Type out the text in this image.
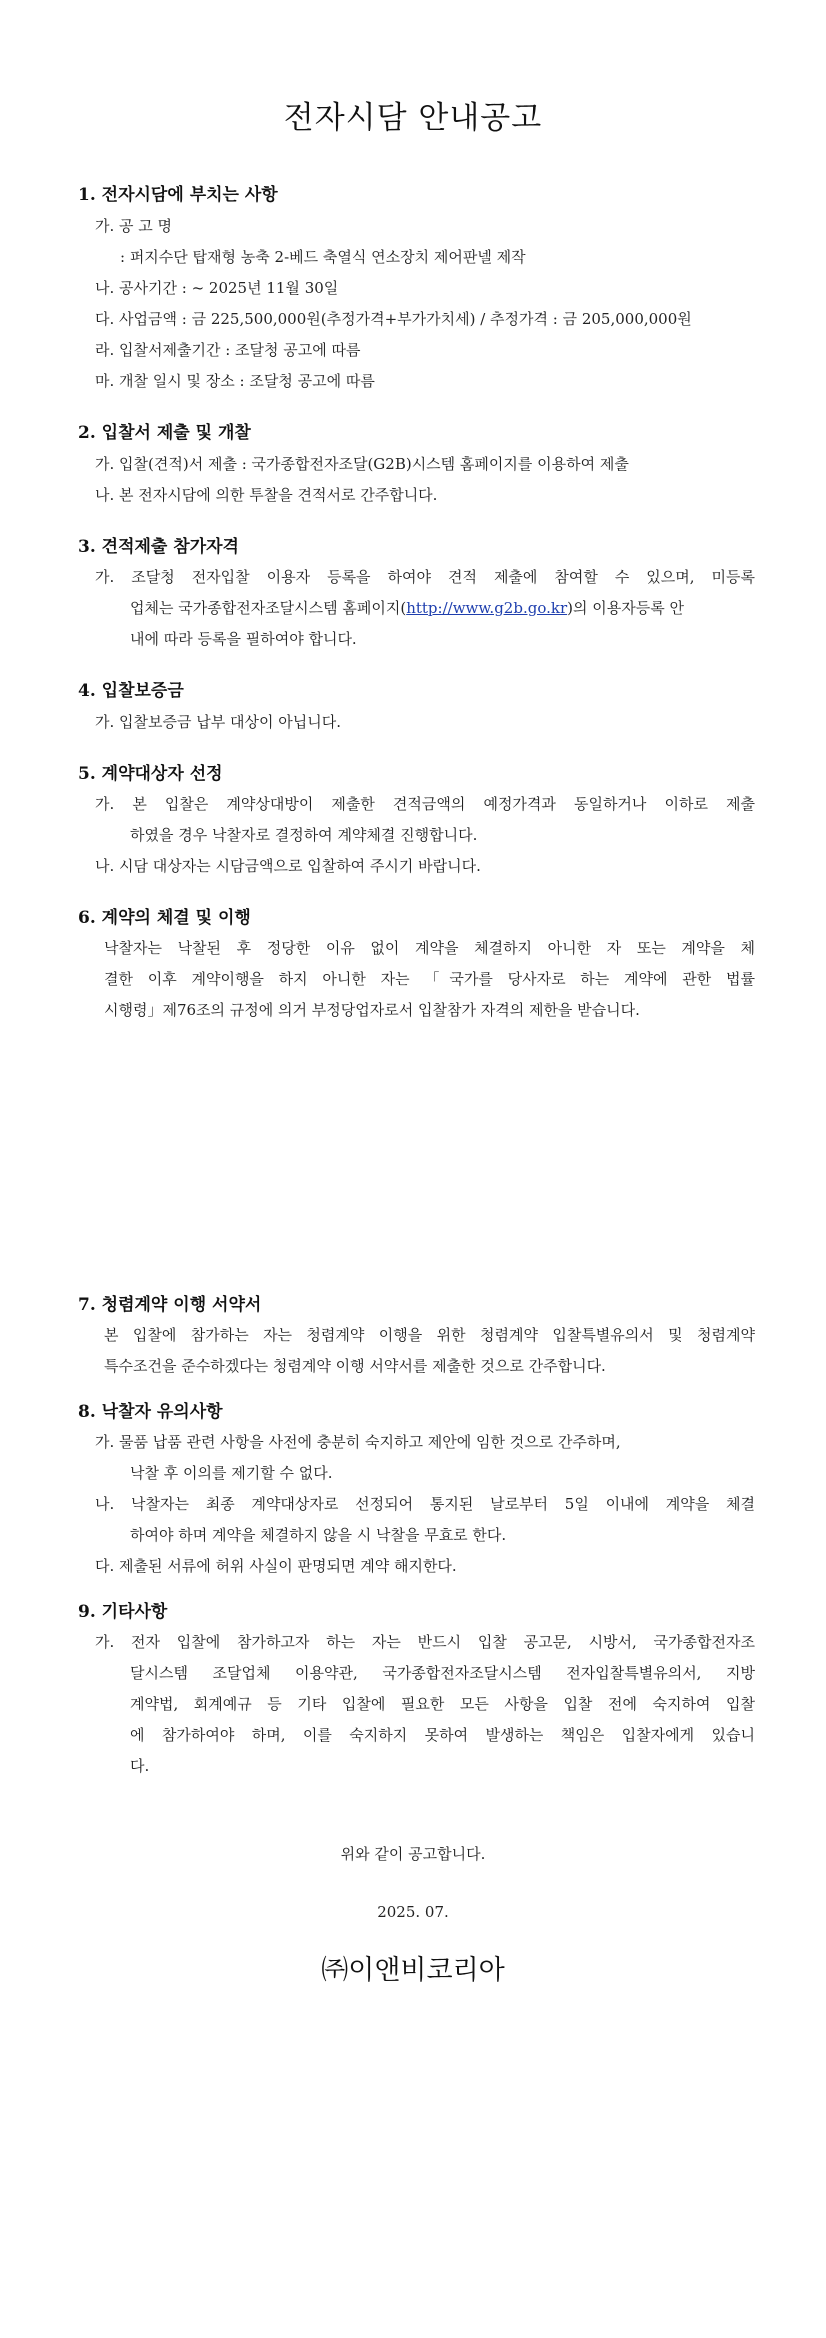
전자시담 안내공고
1. 전자시담에 부치는 사항
가. 공 고 명
: 퍼지수단 탑재형 농축 2-베드 축열식 연소장치 제어판넬 제작
나. 공사기간 : ~ 2025년 11월 30일
다. 사업금액 : 금 225,500,000원(추정가격+부가가치세) / 추정가격 : 금 205,000,000원
라. 입찰서제출기간 : 조달청 공고에 따름
마. 개찰 일시 및 장소 : 조달청 공고에 따름
2. 입찰서 제출 및 개찰
가. 입찰(견적)서 제출 : 국가종합전자조달(G2B)시스템 홈페이지를 이용하여 제출
나. 본 전자시담에 의한 투찰을 견적서로 간주합니다.
3. 견적제출 참가자격
가. 조달청 전자입찰 이용자 등록을 하여야 견적 제출에 참여할 수 있으며, 미등록
업체는 국가종합전자조달시스템 홈페이지(http://www.g2b.go.kr)의 이용자등록 안
내에 따라 등록을 필하여야 합니다.
4. 입찰보증금
가. 입찰보증금 납부 대상이 아닙니다.
5. 계약대상자 선정
가. 본 입찰은 계약상대방이 제출한 견적금액의 예정가격과 동일하거나 이하로 제출
하였을 경우 낙찰자로 결정하여 계약체결 진행합니다.
나. 시담 대상자는 시담금액으로 입찰하여 주시기 바랍니다.
6. 계약의 체결 및 이행
낙찰자는 낙찰된 후 정당한 이유 없이 계약을 체결하지 아니한 자 또는 계약을 체
결한 이후 계약이행을 하지 아니한 자는 「국가를 당사자로 하는 계약에 관한 법률
시행령」제76조의 규정에 의거 부정당업자로서 입찰참가 자격의 제한을 받습니다.
7. 청렴계약 이행 서약서
본 입찰에 참가하는 자는 청렴계약 이행을 위한 청렴계약 입찰특별유의서 및 청렴계약
특수조건을 준수하겠다는 청렴계약 이행 서약서를 제출한 것으로 간주합니다.
8. 낙찰자 유의사항
가. 물품 납품 관련 사항을 사전에 충분히 숙지하고 제안에 임한 것으로 간주하며,
낙찰 후 이의를 제기할 수 없다.
나. 낙찰자는 최종 계약대상자로 선정되어 통지된 날로부터 5일 이내에 계약을 체결
하여야 하며 계약을 체결하지 않을 시 낙찰을 무효로 한다.
다. 제출된 서류에 허위 사실이 판명되면 계약 해지한다.
9. 기타사항
가. 전자 입찰에 참가하고자 하는 자는 반드시 입찰 공고문, 시방서, 국가종합전자조
달시스템 조달업체 이용약관, 국가종합전자조달시스템 전자입찰특별유의서, 지방
계약법, 회계예규 등 기타 입찰에 필요한 모든 사항을 입찰 전에 숙지하여 입찰
에 참가하여야 하며, 이를 숙지하지 못하여 발생하는 책임은 입찰자에게 있습니
다.
위와 같이 공고합니다.
2025. 07.
㈜이앤비코리아
